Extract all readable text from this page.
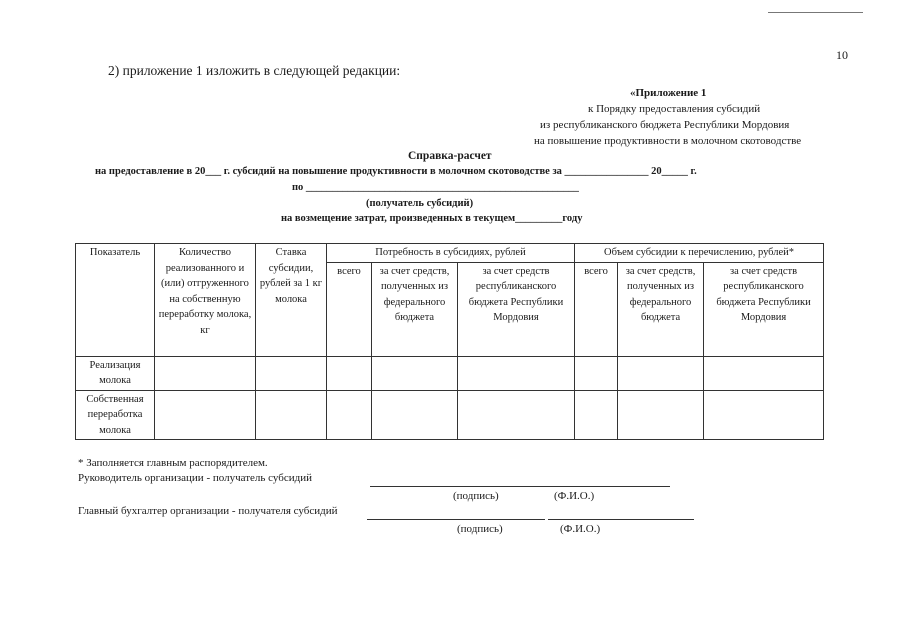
10
2) приложение 1 изложить в следующей редакции:
«Приложение 1
к Порядку предоставления субсидий
из республиканского бюджета Республики Мордовия
на повышение продуктивности в молочном скотоводстве
Справка-расчет
на предоставление в 20___ г. субсидий на повышение продуктивности в молочном скотоводстве за ________________ 20_____ г.
по ____________________________________________________
(получатель субсидий)
на возмещение затрат, произведенных в текущем_________году
Показатель	Количество реализованного и (или) отгруженного на собственную переработку молока, кг	Ставка субсидии, рублей за 1 кг молока	Потребность в субсидиях, рублей			Объем субсидии к перечислению, рублей*		
			всего	за счет средств, полученных из федерального бюджета	за счет средств республиканского бюджета Республики Мордовия	всего	за счет средств, полученных из федерального бюджета	за счет средств республиканского бюджета Республики Мордовия
Реализация молока								
Собственная переработка молока								
* Заполняется главным распорядителем.
Руководитель организации - получатель субсидий
(подпись)	(Ф.И.О.)
Главный бухгалтер организации - получателя субсидий
(подпись)	(Ф.И.О.)
